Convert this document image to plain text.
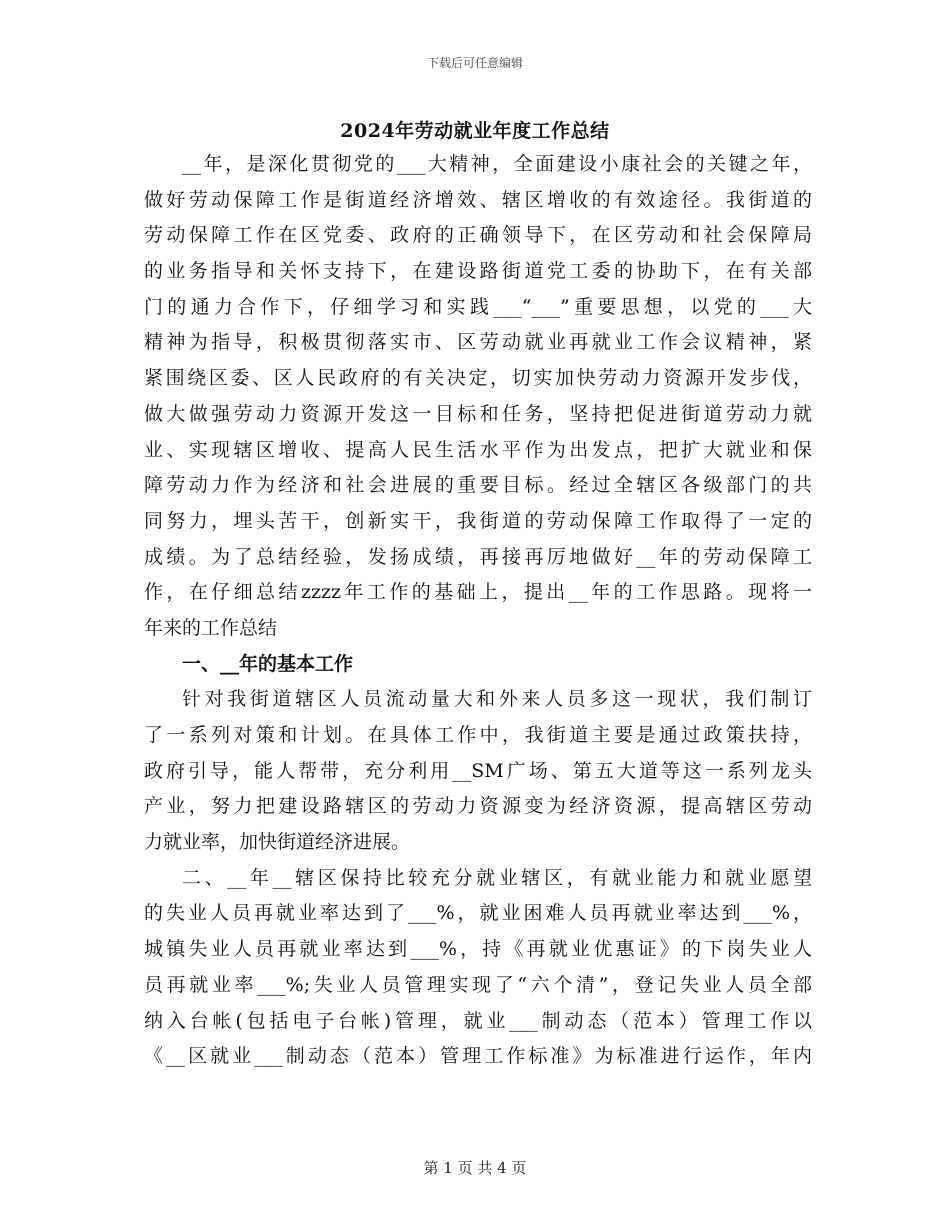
下载后可任意编辑
2024年劳动就业年度工作总结
__年，是深化贯彻党的___大精神，全面建设小康社会的关键之年，
做好劳动保障工作是街道经济增效、辖区增收的有效途径。我街道的
劳动保障工作在区党委、政府的正确领导下，在区劳动和社会保障局
的业务指导和关怀支持下，在建设路街道党工委的协助下，在有关部
门的通力合作下，仔细学习和实践___“___”重要思想，以党的___大
精神为指导，积极贯彻落实市、区劳动就业再就业工作会议精神，紧
紧围绕区委、区人民政府的有关决定，切实加快劳动力资源开发步伐，
做大做强劳动力资源开发这一目标和任务，坚持把促进街道劳动力就
业、实现辖区增收、提高人民生活水平作为出发点，把扩大就业和保
障劳动力作为经济和社会进展的重要目标。经过全辖区各级部门的共
同努力，埋头苦干，创新实干，我街道的劳动保障工作取得了一定的
成绩。为了总结经验，发扬成绩，再接再厉地做好__年的劳动保障工
作，在仔细总结zzzz年工作的基础上，提出__年的工作思路。现将一
年来的工作总结
一、__年的基本工作
针对我街道辖区人员流动量大和外来人员多这一现状，我们制订
了一系列对策和计划。在具体工作中，我街道主要是通过政策扶持，
政府引导，能人帮带，充分利用__SM广场、第五大道等这一系列龙头
产业，努力把建设路辖区的劳动力资源变为经济资源，提高辖区劳动
力就业率，加快街道经济进展。
二、__年__辖区保持比较充分就业辖区，有就业能力和就业愿望
的失业人员再就业率达到了___%，就业困难人员再就业率达到___%，
城镇失业人员再就业率达到___%，持《再就业优惠证》的下岗失业人
员再就业率___%;失业人员管理实现了“六个清”，登记失业人员全部
纳入台帐(包括电子台帐)管理，就业___制动态（范本）管理工作以
《__区就业___制动态（范本）管理工作标准》为标准进行运作，年内
第 1 页 共 4 页
